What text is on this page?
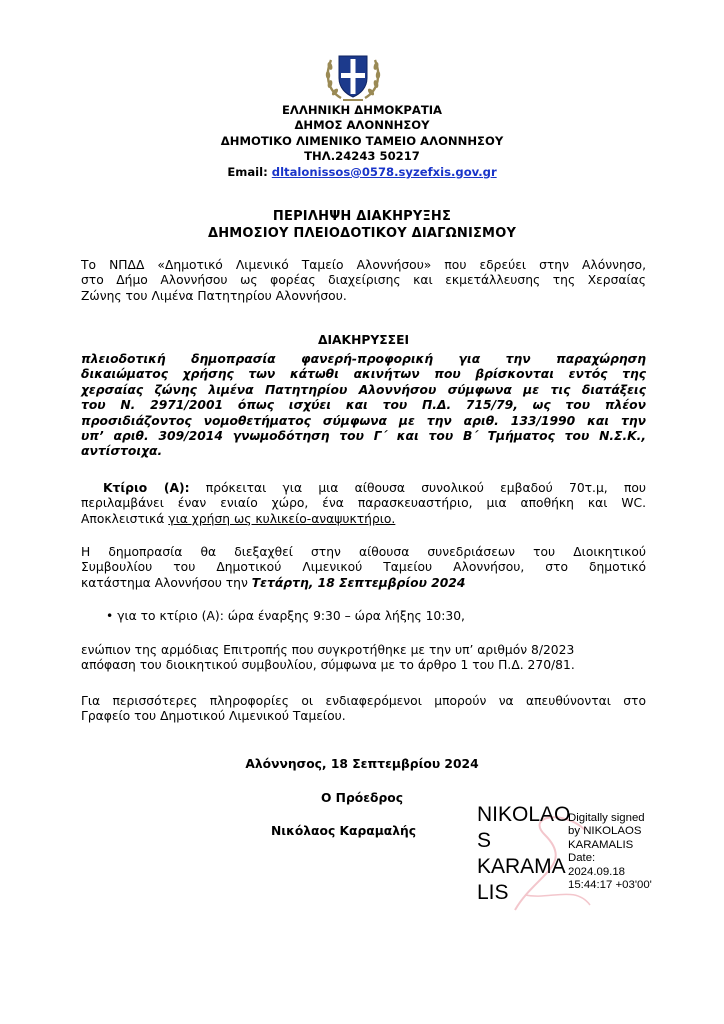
ΕΛΛΗΝΙΚΗ ΔΗΜΟΚΡΑΤΙΑ
ΔΗΜΟΣ ΑΛΟΝΝΗΣΟΥ
ΔΗΜΟΤΙΚΟ ΛΙΜΕΝΙΚΟ ΤΑΜΕΙΟ ΑΛΟΝΝΗΣΟΥ
ΤΗΛ.24243 50217
Email: dltalonissos@0578.syzefxis.gov.gr
ΠΕΡΙΛΗΨΗ ΔΙΑΚΗΡΥΞΗΣ
ΔΗΜΟΣΙΟΥ ΠΛΕΙΟΔΟΤΙΚΟΥ ΔΙΑΓΩΝΙΣΜΟΥ
Το ΝΠΔΔ «Δημοτικό Λιμενικό Ταμείο Αλοννήσου» που εδρεύει στην Αλόννησο,
στο Δήμο Αλοννήσου ως φορέας διαχείρισης και εκμετάλλευσης της Χερσαίας
Ζώνης του Λιμένα Πατητηρίου Αλοννήσου.
ΔΙΑΚΗΡΥΣΣΕΙ
πλειοδοτική δημοπρασία φανερή-προφορική για την παραχώρηση
δικαιώματος χρήσης των κάτωθι ακινήτων που βρίσκονται εντός της
χερσαίας ζώνης λιμένα Πατητηρίου Αλοννήσου σύμφωνα με τις διατάξεις
του Ν. 2971/2001 όπως ισχύει και του Π.Δ. 715/79, ως του πλέον
προσιδιάζοντος νομοθετήματος σύμφωνα με την αριθ. 133/1990 και την
υπ’ αριθ. 309/2014 γνωμοδότηση του Γ΄ και του Β΄ Τμήματος του Ν.Σ.Κ.,
αντίστοιχα.
Κτίριο (Α): πρόκειται για μια αίθουσα συνολικού εμβαδού 70τ.μ, που
περιλαμβάνει έναν ενιαίο χώρο, ένα παρασκευαστήριο, μια αποθήκη και WC.
Αποκλειστικά για χρήση ως κυλικείο-αναψυκτήριο.
Η δημοπρασία θα διεξαχθεί στην αίθουσα συνεδριάσεων του Διοικητικού
Συμβουλίου του Δημοτικού Λιμενικού Ταμείου Αλοννήσου, στο δημοτικό
κατάστημα Αλοννήσου την Τετάρτη, 18 Σεπτεμβρίου 2024
• για το κτίριο (Α): ώρα έναρξης 9:30 – ώρα λήξης 10:30,
ενώπιον της αρμόδιας Επιτροπής που συγκροτήθηκε με την υπ’ αριθμόν 8/2023
απόφαση του διοικητικού συμβουλίου, σύμφωνα με το άρθρο 1 του Π.Δ. 270/81.
Για περισσότερες πληροφορίες οι ενδιαφερόμενοι μπορούν να απευθύνονται στο
Γραφείο του Δημοτικού Λιμενικού Ταμείου.
Αλόννησος, 18 Σεπτεμβρίου 2024
Ο Πρόεδρος
Νικόλαος Καραμαλής
NIKOLAO
S
KARAMA
LIS
Digitally signed
by NIKOLAOS
KARAMALIS
Date:
2024.09.18
15:44:17 +03'00'
